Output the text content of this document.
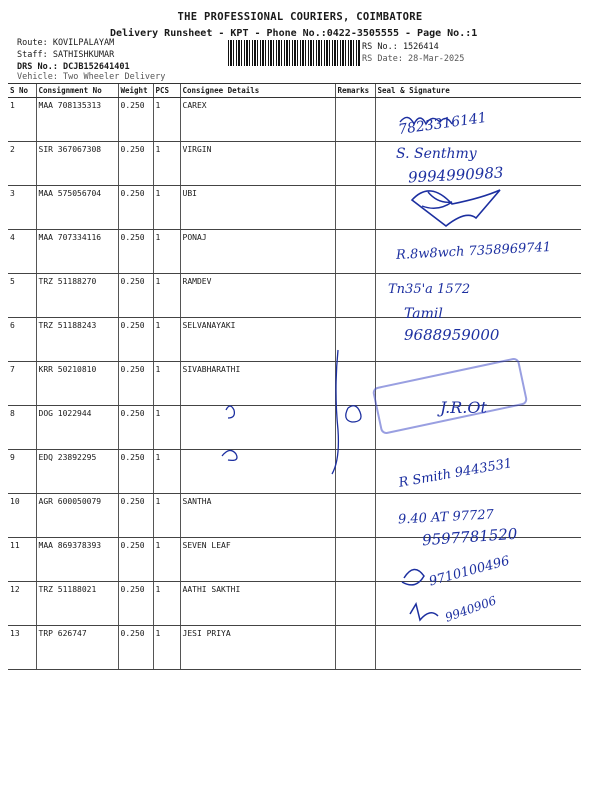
THE PROFESSIONAL COURIERS, COIMBATORE
Delivery Runsheet - KPT - Phone No.:0422-3505555 - Page No.:1
Route: KOVILPALAYAM
Staff: SATHISHKUMAR
DRS No.: DCJB152641401
Vehicle: Two Wheeler Delivery
RS No.: 1526414
RS Date: 28-Mar-2025
S No	Consignment No	Weight	PCS	Consignee Details	Remarks	Seal & Signature
1	MAA 708135313	0.250	1	CAREX		
2	SIR 367067308	0.250	1	VIRGIN		
3	MAA 575056704	0.250	1	UBI		
4	MAA 707334116	0.250	1	PONAJ		
5	TRZ 51188270	0.250	1	RAMDEV		
6	TRZ 51188243	0.250	1	SELVANAYAKI		
7	KRR 50210810	0.250	1	SIVABHARATHI		
8	DOG 1022944	0.250	1			
9	EDQ 23892295	0.250	1			
10	AGR 600050079	0.250	1	SANTHA		
11	MAA 869378393	0.250	1	SEVEN LEAF		
12	TRZ 51188021	0.250	1	AATHI SAKTHI		
13	TRP 626747	0.250	1	JESI PRIYA		
7823316141
S. Senthmy
9994990983
R.8w8wch 7358969741
Tn35'a 1572
Tamil
9688959000
J.R.Ot
R Smith 9443531
9.40 AT 97727
9597781520
9710100496
9940906
